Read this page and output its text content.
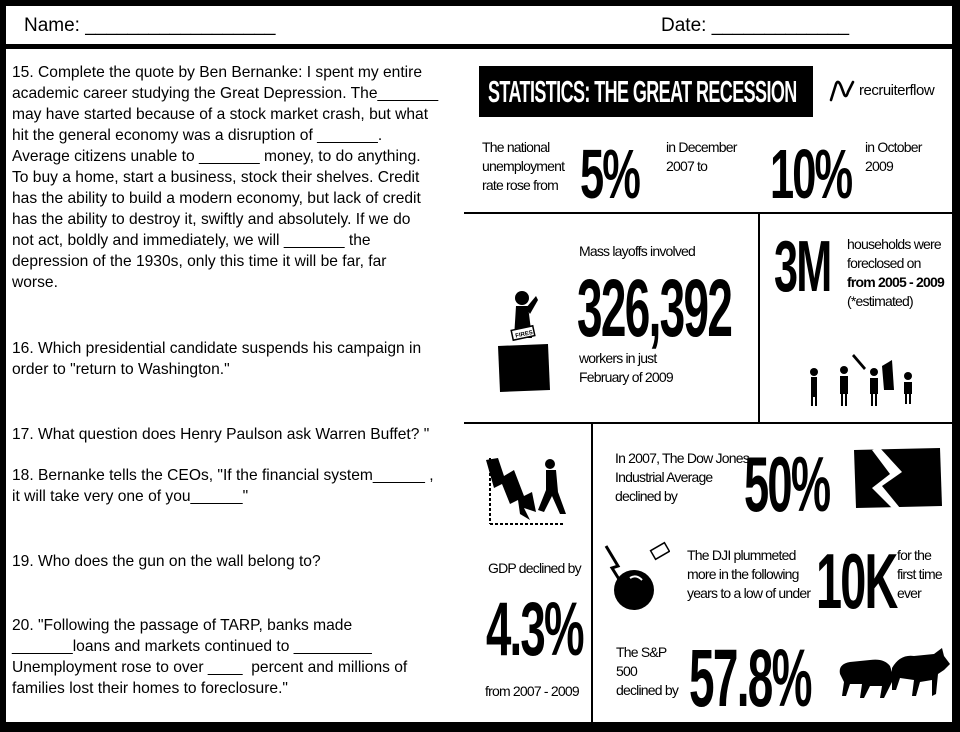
Name: __________________	Date: _____________
15. Complete the quote by Ben Bernanke: I spent my entire
academic career studying the Great Depression. The_______
may have started because of a stock market crash, but what
hit the general economy was a disruption of _______.
Average citizens unable to _______ money, to do anything.
To buy a home, start a business, stock their shelves. Credit
has the ability to build a modern economy, but lack of credit
has the ability to destroy it, swiftly and absolutely. If we do
not act, boldly and immediately, we will _______ the
depression of the 1930s, only this time it will be far, far
worse.
16. Which presidential candidate suspends his campaign in
order to "return to Washington."
17. What question does Henry Paulson ask Warren Buffet? "
18. Bernanke tells the CEOs, "If the financial system______ ,
it will take very one of you______"
19. Who does the gun on the wall belong to?
20. "Following the passage of TARP, banks made
_______loans and markets continued to _________
Unemployment rose to over ____  percent and millions of
families lost their homes to foreclosure."
STATISTICS: THE GREAT RECESSION	recruiterflow
The national
unemployment
rate rose from 5% in December
2007 to 10% in October
2009
Mass layoffs involved
326,392
workers in just
February of 2009
FIRES
3M households were
foreclosed on
from 2005 - 2009
(*estimated)
In 2007, The Dow Jones
Industrial Average
declined by 50%
GDP declined by
4.3%
from 2007 - 2009
The DJI plummeted
more in the following
years to a low of under 10K for the
first time
ever
The S&P
500
declined by 57.8%
